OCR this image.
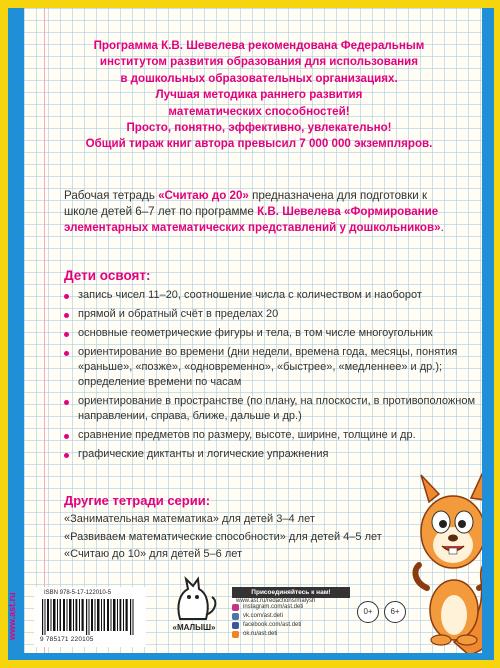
www.ast.ru
Программа К.В. Шевелева рекомендована Федеральным
институтом развития образования для использования
в дошкольных образовательных организациях.
Лучшая методика раннего развития
математических способностей!
Просто, понятно, эффективно, увлекательно!
Общий тираж книг автора превысил 7 000 000 экземпляров.
Рабочая тетрадь «Считаю до 20» предназначена для подготовки к школе детей 6–7 лет по программе К.В. Шевелева «Формирование элементарных математических представлений у дошкольников».
Дети освоят:
запись чисел 11–20, соотношение числа с количеством и наоборот
прямой и обратный счёт в пределах 20
основные геометрические фигуры и тела, в том числе многоугольник
ориентирование во времени (дни недели, времена года, месяцы, понятия «раньше», «позже», «одновременно», «быстрее», «медленнее» и др.); определение времени по часам
ориентирование в пространстве (по плану, на плоскости, в противоположном направлении, справа, ближе, дальше и др.)
сравнение предметов по размеру, высоте, ширине, толщине и др.
графические диктанты и логические упражнения
Другие тетради серии:
«Занимательная математика» для детей 3–4 лет
«Развиваем математические способности» для детей 4–5 лет
«Считаю до 10» для детей 5–6 лет
ISBN 978-5-17-122010-5
9 785171 220105
«МАЛЫШ»
Присоединяйтесь к нам!
www.ast.ru/redactions/malysh
instagram.com/ast.deti
vk.com/ast.deti
facebook.com/ast.deti
ok.ru/ast.deti
0+	6+
